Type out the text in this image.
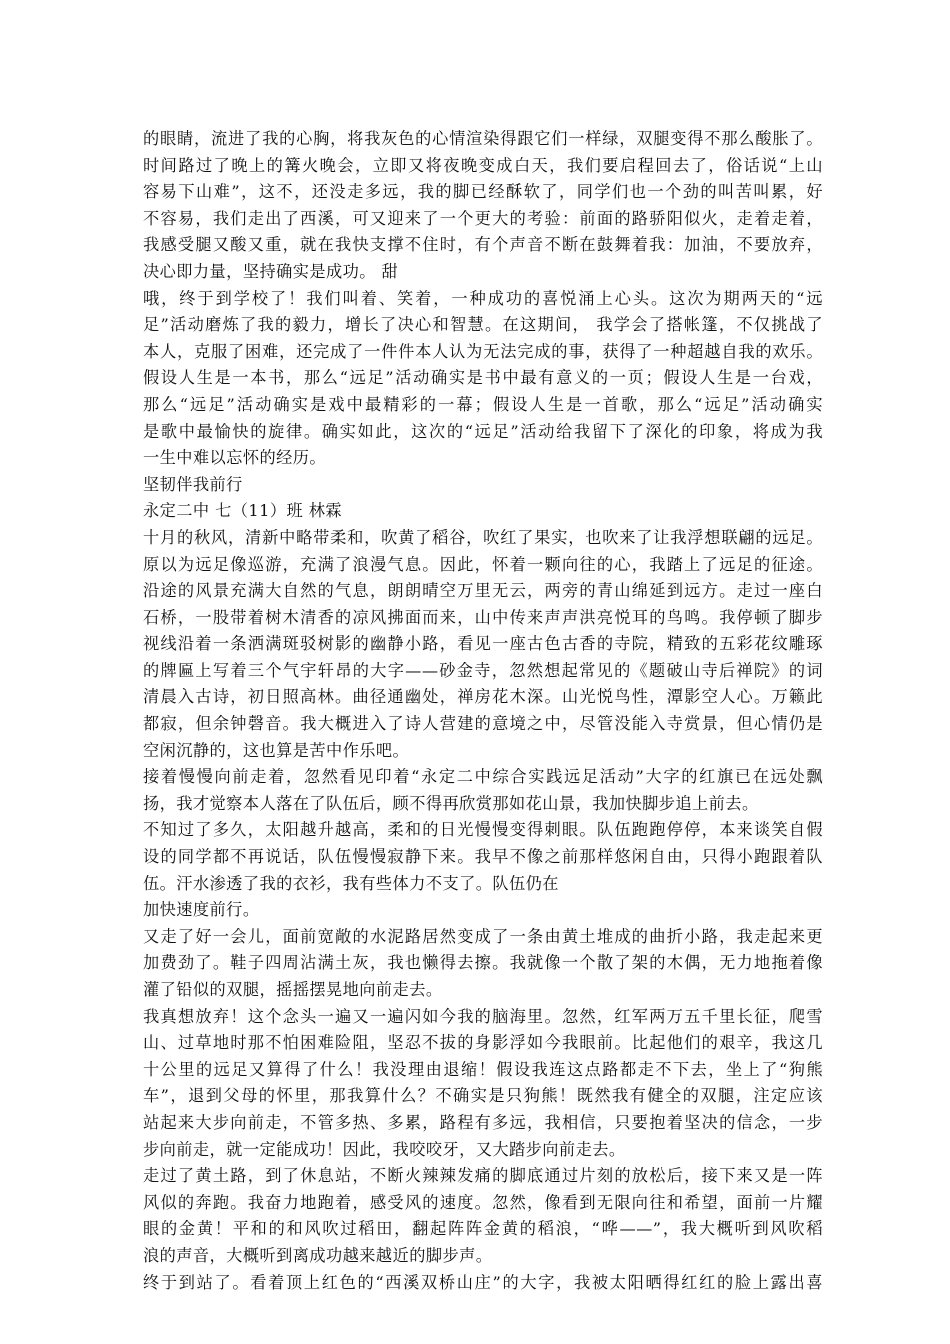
的眼睛，流进了我的心胸，将我灰色的心情渲染得跟它们一样绿，双腿变得不那么酸胀了。
时间路过了晚上的篝火晚会，立即又将夜晚变成白天，我们要启程回去了，俗话说“上山
容易下山难”，这不，还没走多远，我的脚已经酥软了，同学们也一个劲的叫苦叫累，好
不容易，我们走出了西溪，可又迎来了一个更大的考验：前面的路骄阳似火，走着走着，
我感受腿又酸又重，就在我快支撑不住时，有个声音不断在鼓舞着我：加油，不要放弃，
决心即力量，坚持确实是成功。 甜
哦，终于到学校了！我们叫着、笑着，一种成功的喜悦涌上心头。这次为期两天的“远
足”活动磨炼了我的毅力，增长了决心和智慧。在这期间， 我学会了搭帐篷，不仅挑战了
本人，克服了困难，还完成了一件件本人认为无法完成的事，获得了一种超越自我的欢乐。
假设人生是一本书，那么“远足”活动确实是书中最有意义的一页；假设人生是一台戏，
那么“远足”活动确实是戏中最精彩的一幕；假设人生是一首歌，那么“远足”活动确实
是歌中最愉快的旋律。确实如此，这次的“远足”活动给我留下了深化的印象，将成为我
一生中难以忘怀的经历。
坚韧伴我前行
永定二中 七（11）班 林霖
十月的秋风，清新中略带柔和，吹黄了稻谷，吹红了果实，也吹来了让我浮想联翩的远足。
原以为远足像巡游，充满了浪漫气息。因此，怀着一颗向往的心，我踏上了远足的征途。
沿途的风景充满大自然的气息，朗朗晴空万里无云，两旁的青山绵延到远方。走过一座白
石桥，一股带着树木清香的凉风拂面而来，山中传来声声洪亮悦耳的鸟鸣。我停顿了脚步
视线沿着一条洒满斑驳树影的幽静小路，看见一座古色古香的寺院，精致的五彩花纹雕琢
的牌匾上写着三个气宇轩昂的大字——砂金寺，忽然想起常见的《题破山寺后禅院》的词
清晨入古诗，初日照高林。曲径通幽处，禅房花木深。山光悦鸟性，潭影空人心。万籁此
都寂，但余钟磬音。我大概进入了诗人营建的意境之中，尽管没能入寺赏景，但心情仍是
空闲沉静的，这也算是苦中作乐吧。
接着慢慢向前走着，忽然看见印着“永定二中综合实践远足活动”大字的红旗已在远处飘
扬，我才觉察本人落在了队伍后，顾不得再欣赏那如花山景，我加快脚步追上前去。
不知过了多久，太阳越升越高，柔和的日光慢慢变得刺眼。队伍跑跑停停，本来谈笑自假
设的同学都不再说话，队伍慢慢寂静下来。我早不像之前那样悠闲自由，只得小跑跟着队
伍。汗水渗透了我的衣衫，我有些体力不支了。队伍仍在
加快速度前行。
又走了好一会儿，面前宽敞的水泥路居然变成了一条由黄土堆成的曲折小路，我走起来更
加费劲了。鞋子四周沾满土灰，我也懒得去擦。我就像一个散了架的木偶，无力地拖着像
灌了铅似的双腿，摇摇摆晃地向前走去。
我真想放弃！这个念头一遍又一遍闪如今我的脑海里。忽然，红军两万五千里长征，爬雪
山、过草地时那不怕困难险阻，坚忍不拔的身影浮如今我眼前。比起他们的艰辛，我这几
十公里的远足又算得了什么！我没理由退缩！假设我连这点路都走不下去，坐上了“狗熊
车”，退到父母的怀里，那我算什么？不确实是只狗熊！既然我有健全的双腿，注定应该
站起来大步向前走，不管多热、多累，路程有多远，我相信，只要抱着坚决的信念，一步
步向前走，就一定能成功！因此，我咬咬牙，又大踏步向前走去。
走过了黄土路，到了休息站，不断火辣辣发痛的脚底通过片刻的放松后，接下来又是一阵
风似的奔跑。我奋力地跑着，感受风的速度。忽然，像看到无限向往和希望，面前一片耀
眼的金黄！平和的和风吹过稻田，翻起阵阵金黄的稻浪，“哗——”，我大概听到风吹稻
浪的声音，大概听到离成功越来越近的脚步声。
终于到站了。看着顶上红色的“西溪双桥山庄”的大字，我被太阳晒得红红的脸上露出喜
